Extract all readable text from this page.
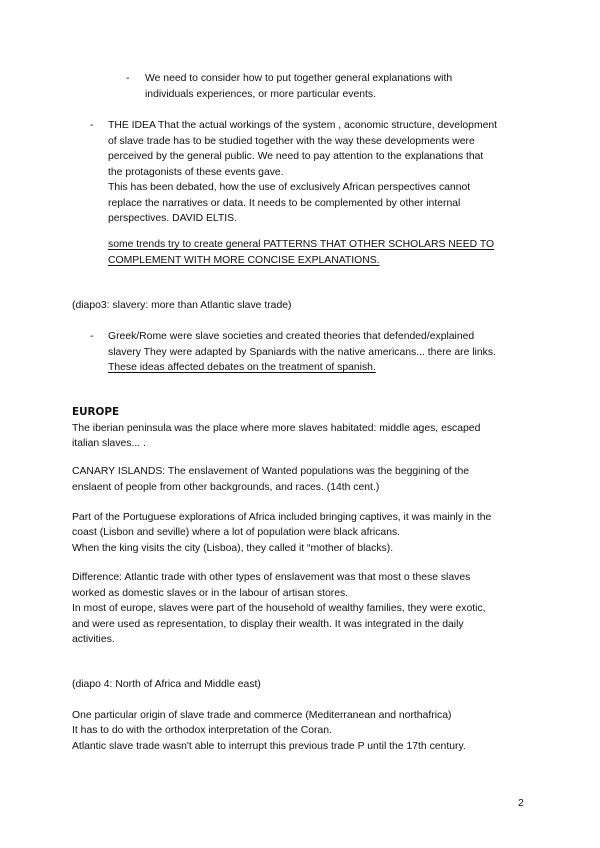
- We need to consider how to put together general explanations with
individuals experiences, or more particular events.
- THE IDEA That the actual workings of the system , aconomic structure, development
of slave trade has to be studied together with the way these developments were
perceived by the general public. We need to pay attention to the explanations that
the protagonists of these events gave.
This has been debated, how the use of exclusively African perspectives cannot
replace the narratives or data. It needs to be complemented by other internal
perspectives. DAVID ELTIS.
some trends try to create general PATTERNS THAT OTHER SCHOLARS NEED TO
COMPLEMENT WITH MORE CONCISE EXPLANATIONS.
(diapo3: slavery: more than Atlantic slave trade)
- Greek/Rome were slave societies and created theories that defended/explained
slavery They were adapted by Spaniards with the native americans... there are links.
These ideas affected debates on the treatment of spanish.
EUROPE
The iberian peninsula was the place where more slaves habitated: middle ages, escaped
italian slaves... .
CANARY ISLANDS: The enslavement of Wanted populations was the beggining of the
enslaent of people from other backgrounds, and races. (14th cent.)
Part of the Portuguese explorations of Africa included bringing captives, it was mainly in the
coast (Lisbon and seville) where a lot of population were black africans.
When the king visits the city (Lisboa), they called it “mother of blacks).
Difference: Atlantic trade with other types of enslavement was that most o these slaves
worked as domestic slaves or in the labour of artisan stores.
In most of europe, slaves were part of the household of wealthy families, they were exotic,
and were used as representation, to display their wealth. It was integrated in the daily
activities.
(diapo 4: North of Africa and Middle east)
One particular origin of slave trade and commerce (Mediterranean and northafrica)
It has to do with the orthodox interpretation of the Coran.
Atlantic slave trade wasn't able to interrupt this previous trade P until the 17th century.
2
